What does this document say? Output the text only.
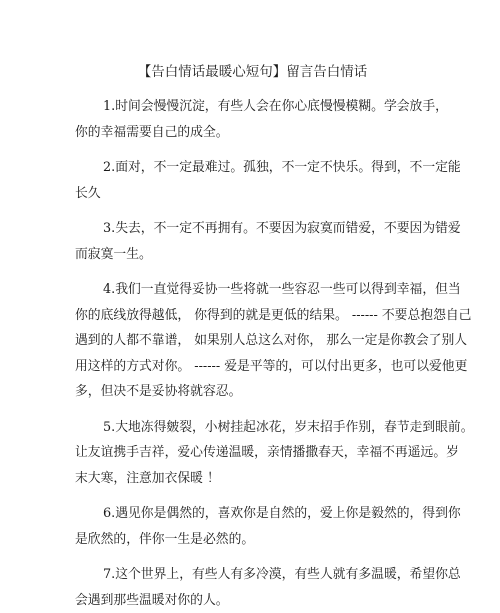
【告白情话最暖心短句】留言告白情话
1.时间会慢慢沉淀，有些人会在你心底慢慢模糊。学会放手，
你的幸福需要自己的成全。
2.面对，不一定最难过。孤独，不一定不快乐。得到，不一定能
长久
3.失去，不一定不再拥有。不要因为寂寞而错爱，不要因为错爱
而寂寞一生。
4.我们一直觉得妥协一些将就一些容忍一些可以得到幸福，但当
你的底线放得越低， 你得到的就是更低的结果。 ------ 不要总抱怨自己
遇到的人都不靠谱， 如果别人总这么对你， 那么一定是你教会了别人
用这样的方式对你。 ------ 爱是平等的，可以付出更多，也可以爱他更
多，但决不是妥协将就容忍。
5.大地冻得皴裂，小树挂起冰花，岁末招手作别，春节走到眼前。
让友谊携手吉祥，爱心传递温暖，亲情播撒春天，幸福不再遥远。岁
末大寒，注意加衣保暖 ！
6.遇见你是偶然的，喜欢你是自然的，爱上你是毅然的，得到你
是欣然的，伴你一生是必然的。
7.这个世界上，有些人有多冷漠，有些人就有多温暖，希望你总
会遇到那些温暖对你的人。
